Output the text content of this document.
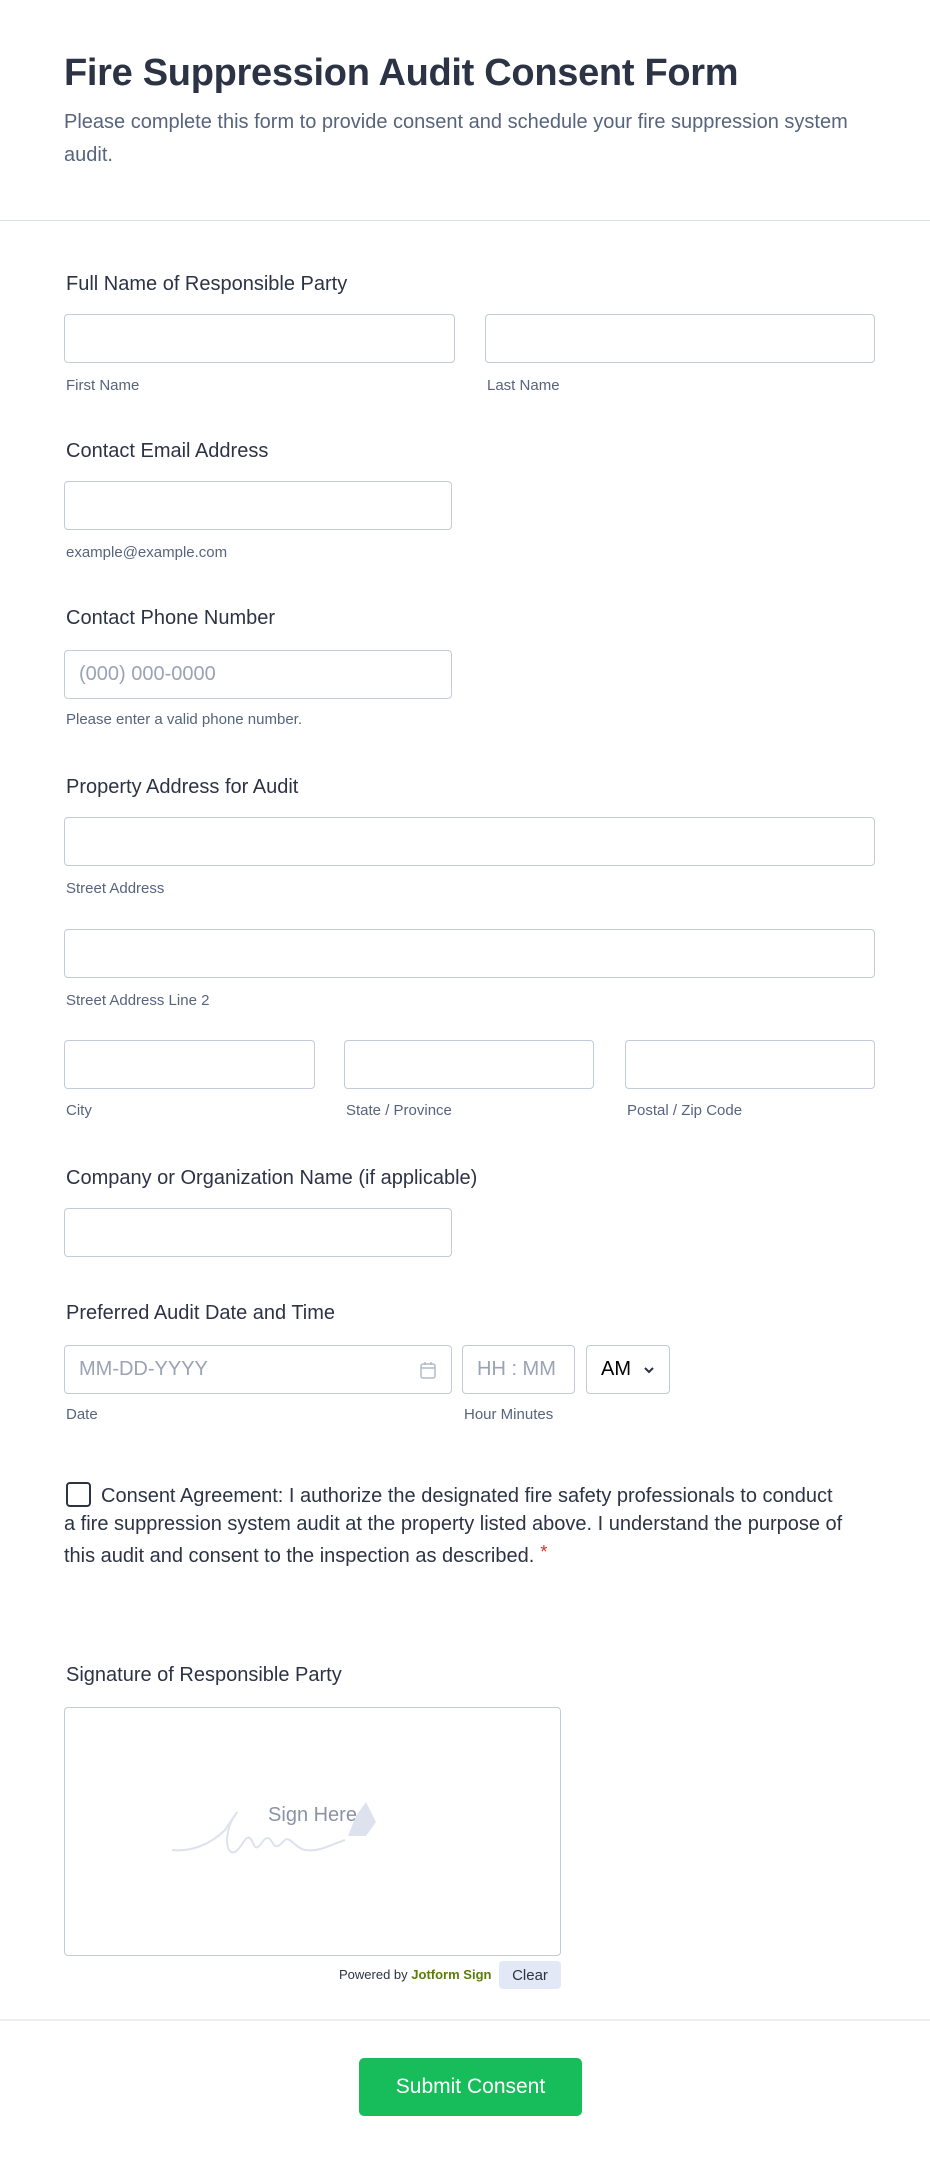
Fire Suppression Audit Consent Form
Please complete this form to provide consent and schedule your fire suppression system audit.
Full Name of Responsible Party
First Name	Last Name
Contact Email Address
example@example.com
Contact Phone Number
(000) 000-0000
Please enter a valid phone number.
Property Address for Audit
Street Address
Street Address Line 2
City	State / Province	Postal / Zip Code
Company or Organization Name (if applicable)
Preferred Audit Date and Time
MM-DD-YYYY	HH : MM AM
Date	Hour Minutes
Consent Agreement: I authorize the designated fire safety professionals to conduct a fire suppression system audit at the property listed above. I understand the purpose of this audit and consent to the inspection as described. *
Signature of Responsible Party
Sign Here
Powered by Jotform Sign	Clear
Submit Consent
